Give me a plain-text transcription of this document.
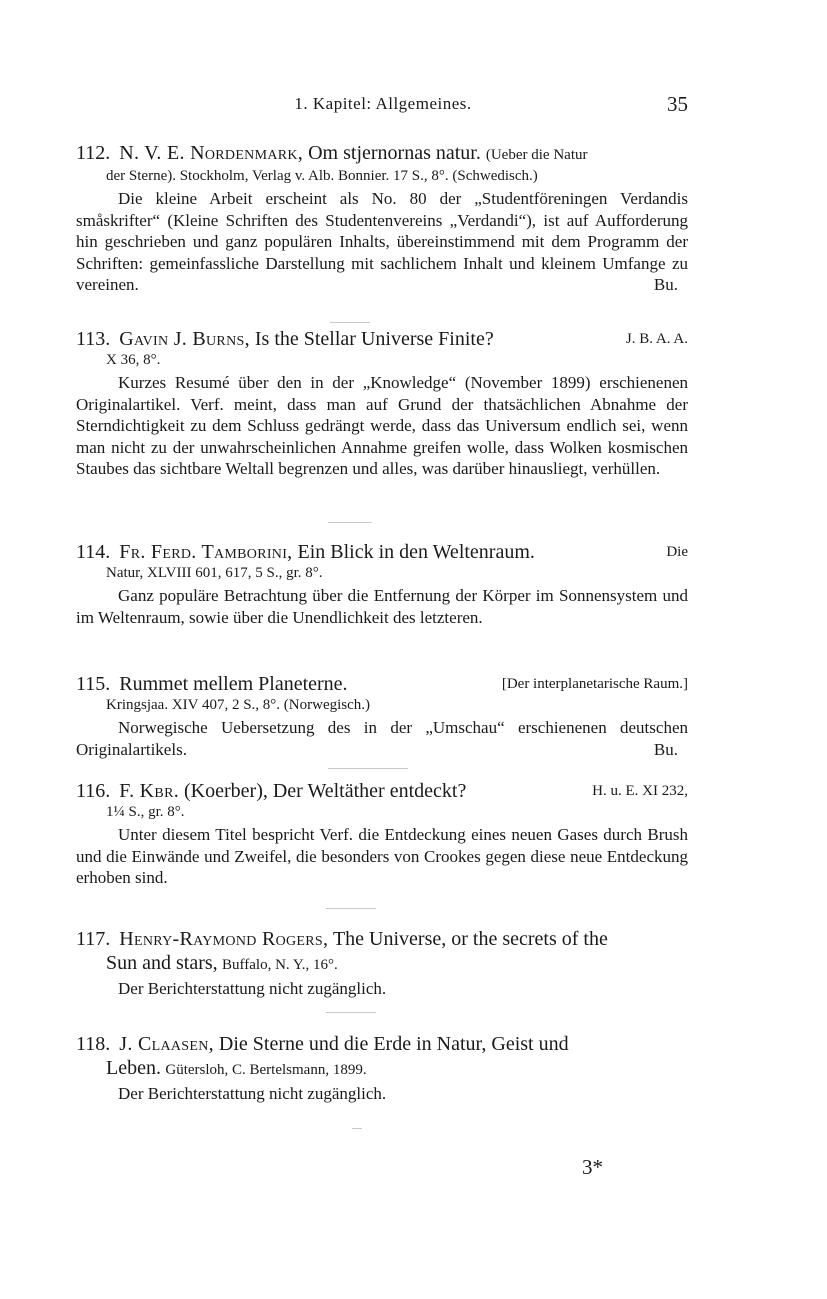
1. Kapitel: Allgemeines.	35
112. N. V. E. Nordenmark, Om stjernornas natur. (Ueber die Natur
der Sterne). Stockholm, Verlag v. Alb. Bonnier. 17 S., 8°. (Schwedisch.)
Die kleine Arbeit erscheint als No. 80 der „Studentföreningen Verdandis småskrifter“ (Kleine Schriften des Studentenvereins „Verdandi“), ist auf Aufforderung hin geschrieben und ganz populären Inhalts, übereinstimmend mit dem Programm der Schriften: gemeinfassliche Darstellung mit sachlichem Inhalt und kleinem Umfange zu vereinen.	Bu.
113. Gavin J. Burns, Is the Stellar Universe Finite?	J. B. A. A.
X 36, 8°.
Kurzes Resumé über den in der „Knowledge“ (November 1899) erschienenen Originalartikel. Verf. meint, dass man auf Grund der thatsächlichen Abnahme der Sterndichtigkeit zu dem Schluss gedrängt werde, dass das Universum endlich sei, wenn man nicht zu der unwahrscheinlichen Annahme greifen wolle, dass Wolken kosmischen Staubes das sichtbare Weltall begrenzen und alles, was darüber hinausliegt, verhüllen.
114. Fr. Ferd. Tamborini, Ein Blick in den Weltenraum.	Die
Natur, XLVIII 601, 617, 5 S., gr. 8°.
Ganz populäre Betrachtung über die Entfernung der Körper im Sonnensystem und im Weltenraum, sowie über die Unendlichkeit des letzteren.
115. Rummet mellem Planeterne.	[Der interplanetarische Raum.]
Kringsjaa. XIV 407, 2 S., 8°. (Norwegisch.)
Norwegische Uebersetzung des in der „Umschau“ erschienenen deutschen Originalartikels.	Bu.
116. F. Kbr. (Koerber), Der Weltäther entdeckt?	H. u. E. XI 232,
1¼ S., gr. 8°.
Unter diesem Titel bespricht Verf. die Entdeckung eines neuen Gases durch Brush und die Einwände und Zweifel, die besonders von Crookes gegen diese neue Entdeckung erhoben sind.
117. Henry-Raymond Rogers, The Universe, or the secrets of the
Sun and stars, Buffalo, N. Y., 16°.
Der Berichterstattung nicht zugänglich.
118. J. Claasen, Die Sterne und die Erde in Natur, Geist und
Leben. Gütersloh, C. Bertelsmann, 1899.
Der Berichterstattung nicht zugänglich.
3*
